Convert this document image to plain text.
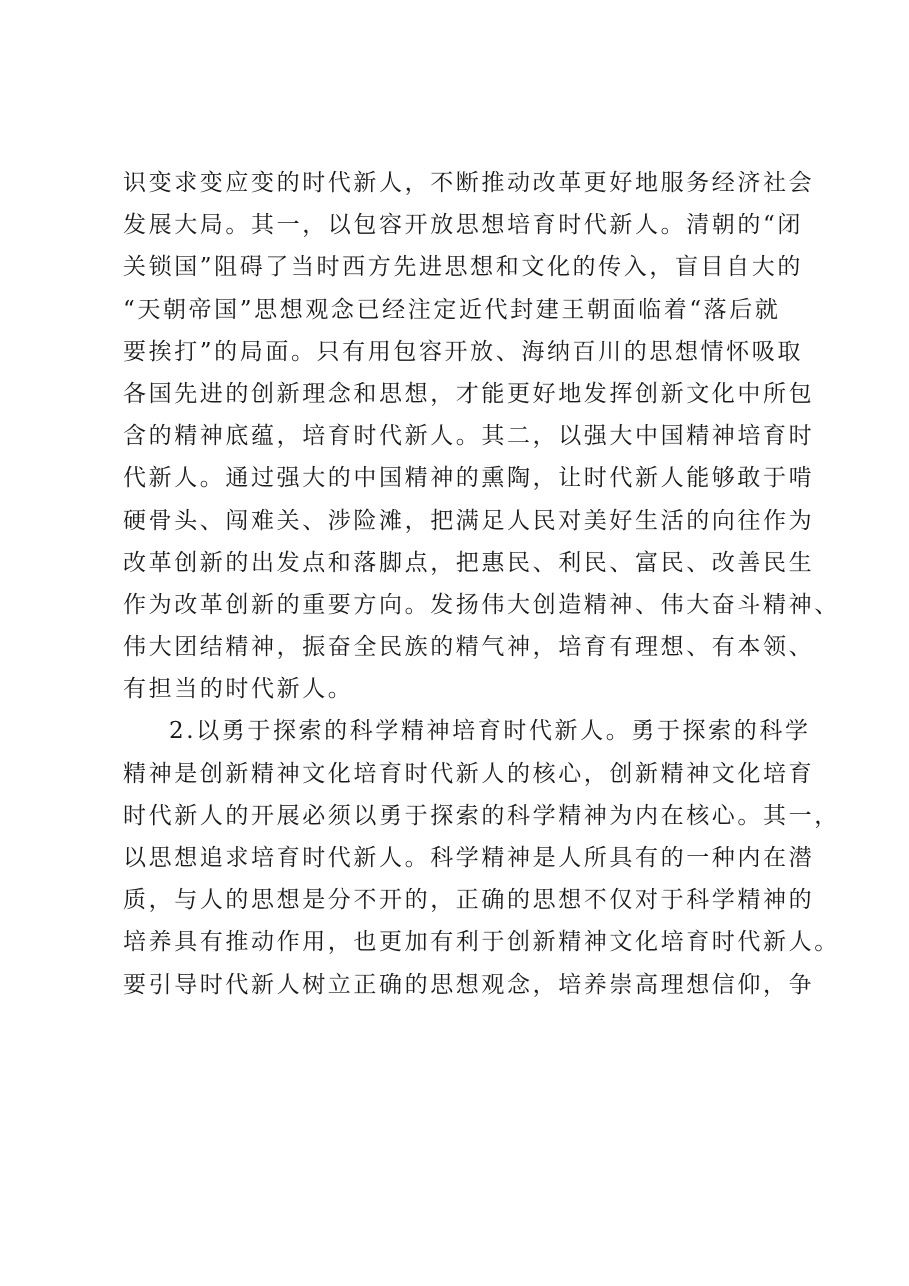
识变求变应变的时代新人，不断推动改革更好地服务经济社会
发展大局。其一，以包容开放思想培育时代新人。清朝的“闭
关锁国”阻碍了当时西方先进思想和文化的传入，盲目自大的
“天朝帝国”思想观念已经注定近代封建王朝面临着“落后就
要挨打”的局面。只有用包容开放、海纳百川的思想情怀吸取
各国先进的创新理念和思想，才能更好地发挥创新文化中所包
含的精神底蕴，培育时代新人。其二，以强大中国精神培育时
代新人。通过强大的中国精神的熏陶，让时代新人能够敢于啃
硬骨头、闯难关、涉险滩，把满足人民对美好生活的向往作为
改革创新的出发点和落脚点，把惠民、利民、富民、改善民生
作为改革创新的重要方向。发扬伟大创造精神、伟大奋斗精神、
伟大团结精神，振奋全民族的精气神，培育有理想、有本领、
有担当的时代新人。
2.以勇于探索的科学精神培育时代新人。勇于探索的科学
精神是创新精神文化培育时代新人的核心，创新精神文化培育
时代新人的开展必须以勇于探索的科学精神为内在核心。其一，
以思想追求培育时代新人。科学精神是人所具有的一种内在潜
质，与人的思想是分不开的，正确的思想不仅对于科学精神的
培养具有推动作用，也更加有利于创新精神文化培育时代新人。
要引导时代新人树立正确的思想观念，培养崇高理想信仰，争
